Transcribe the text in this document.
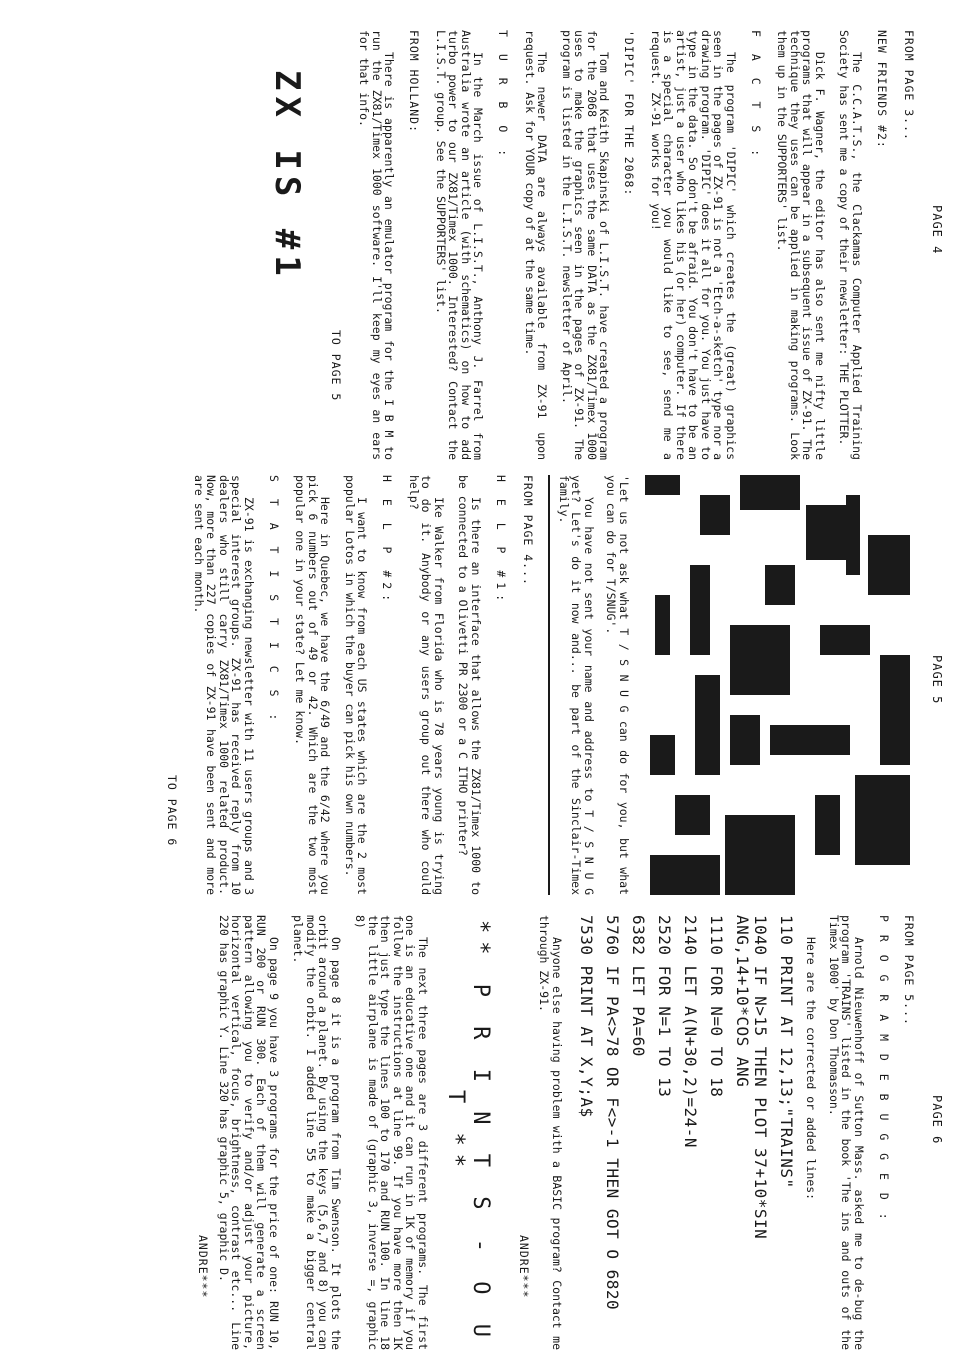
PAGE 4

FROM PAGE 3...

NEW FRIENDS #2:

The C.C.A.T.S., the Clackamas Computer Applied Training Society has sent me a copy of their newsletter: THE PLOTTER.

Dick F. Wagner, the editor has also sent me nifty little programs that will appear in a subsequent issue of ZX-91. The technique they uses can be applied in making programs. Look them up in the SUPPORTERS' list.

F A C T S :

The program 'DIPIC' which creates the (great) graphics seen in the pages of ZX-91 is not a 'Etch-a-sketch' type nor a drawing program. 'DIPIC' does it all for you. You just have to type in the data. So don't be afraid. You don't have to be an artist, just a user who likes his (or her) computer. If there is a special character you would like to see, send me a request. ZX-91 works for you!

'DIPIC' FOR THE 2068:

Tom and Keith Skapinski of L.I.S.T. have created a program for the 2068 that uses the same DATA as the ZX81/Timex 1000 uses to make the graphics seen in the pages of ZX-91. The program is listed in the L.I.S.T. newsletter of April.

The newer DATA are always available from ZX-91 upon request. Ask for YOUR copy of at the same time.

T U R B O :

In the March issue of L.I.S.T., Anthony J. Farrel from Australia wrote an article (with schematics) on how to add turbo power to our ZX81/Timex 1000. Interested? Contact the L.I.S.T. group. See the SUPPORTERS' list.

FROM HOLLAND:

There is apparently an emulator program for the I B M to run the ZX81/Timex 1000 software. I'll keep my eyes an ears for that info.

TO PAGE 5

ZX IS #1
PAGE 5

'Let us not ask what T / S N U G can do for you, but what you can do for T/SNUG'.

You have not sent your name and address to T / S N U G yet? Let's do it now and... be part of the Sinclair-Timex family.

FROM PAGE 4...

H E L P #1:

Is there an interface that allows the ZX81/Timex 1000 to be connected to a Olivetti PR 2300 or a C ITHO printer?

Ike Walker from Florida who is 78 years young is trying to do it. Anybody or any users group out there who could help?

H E L P #2:

I want to know from each US states which are the 2 most popular Lotos in which the buyer can pick his own numbers.

Here in Quebec, we have the 6/49 and the 6/42 where you pick 6 numbers out of 49 or 42. Which are the two most popular one in your state? Let me know.

S T A T I S T I C S :

ZX-91 is exchanging newsletter with 11 users groups and 3 special interest groups. ZX-91 has received reply from 10 dealers who still carry ZX81/Timex 1000 related product. Now, more than 227 copies of ZX-91 have been sent and more are sent each month.

TO PAGE 6

PAGE 6

FROM PAGE 5...

P R O G R A M D E B U G G E D :

Arnold Nieuwenhoff of Sutton Mass. asked me to de-bug the program 'TRAINS' listed in the book 'The ins and outs of the Timex 1000' by Don Thomasson.

Here are the corrected or added lines:

110 PRINT AT 12,13;"TRAINS"

1040 IF N>15 THEN PLOT 37+10*SIN ANG,14+10*COS ANG

1110 FOR N=0 TO 18

2140 LET A(N+30,2)=24-N

2520 FOR N=1 TO 13

6382 LET PA=60

5760 IF PA<>78 OR F<>-1 THEN GOT O 6820

7530 PRINT AT X,Y;A$

Anyone else having problem with a BASIC program? Contact me through ZX-91.

ANDRE***

** P R I N T S - O U T **

The next three pages are 3 different programs. The first one is an educative one and it can run in 1K of memory if you follow the instructions at line 99. If you have more then 1K then just type the lines 100 to 170 and RUN 100. In line 18 the little airplane is made of (graphic 3, inverse =, graphic 8)

On page 8 it is a program from Tim Swenson. It plots the orbit around a planet. By using the keys (5,6,7 and 8) you can modify the orbit. I added line 55 to make a bigger central planet.

On page 9 you have 3 programs for the price of one: RUN 10, RUN 200 or RUN 300. Each of them will generate a screen pattern allowing you to verify and/or adjust your picture, horizontal vertical, focus, brightness, contrast etc... Line 220 has graphic Y. Line 320 has graphic 5, graphic D.

ANDRE***
